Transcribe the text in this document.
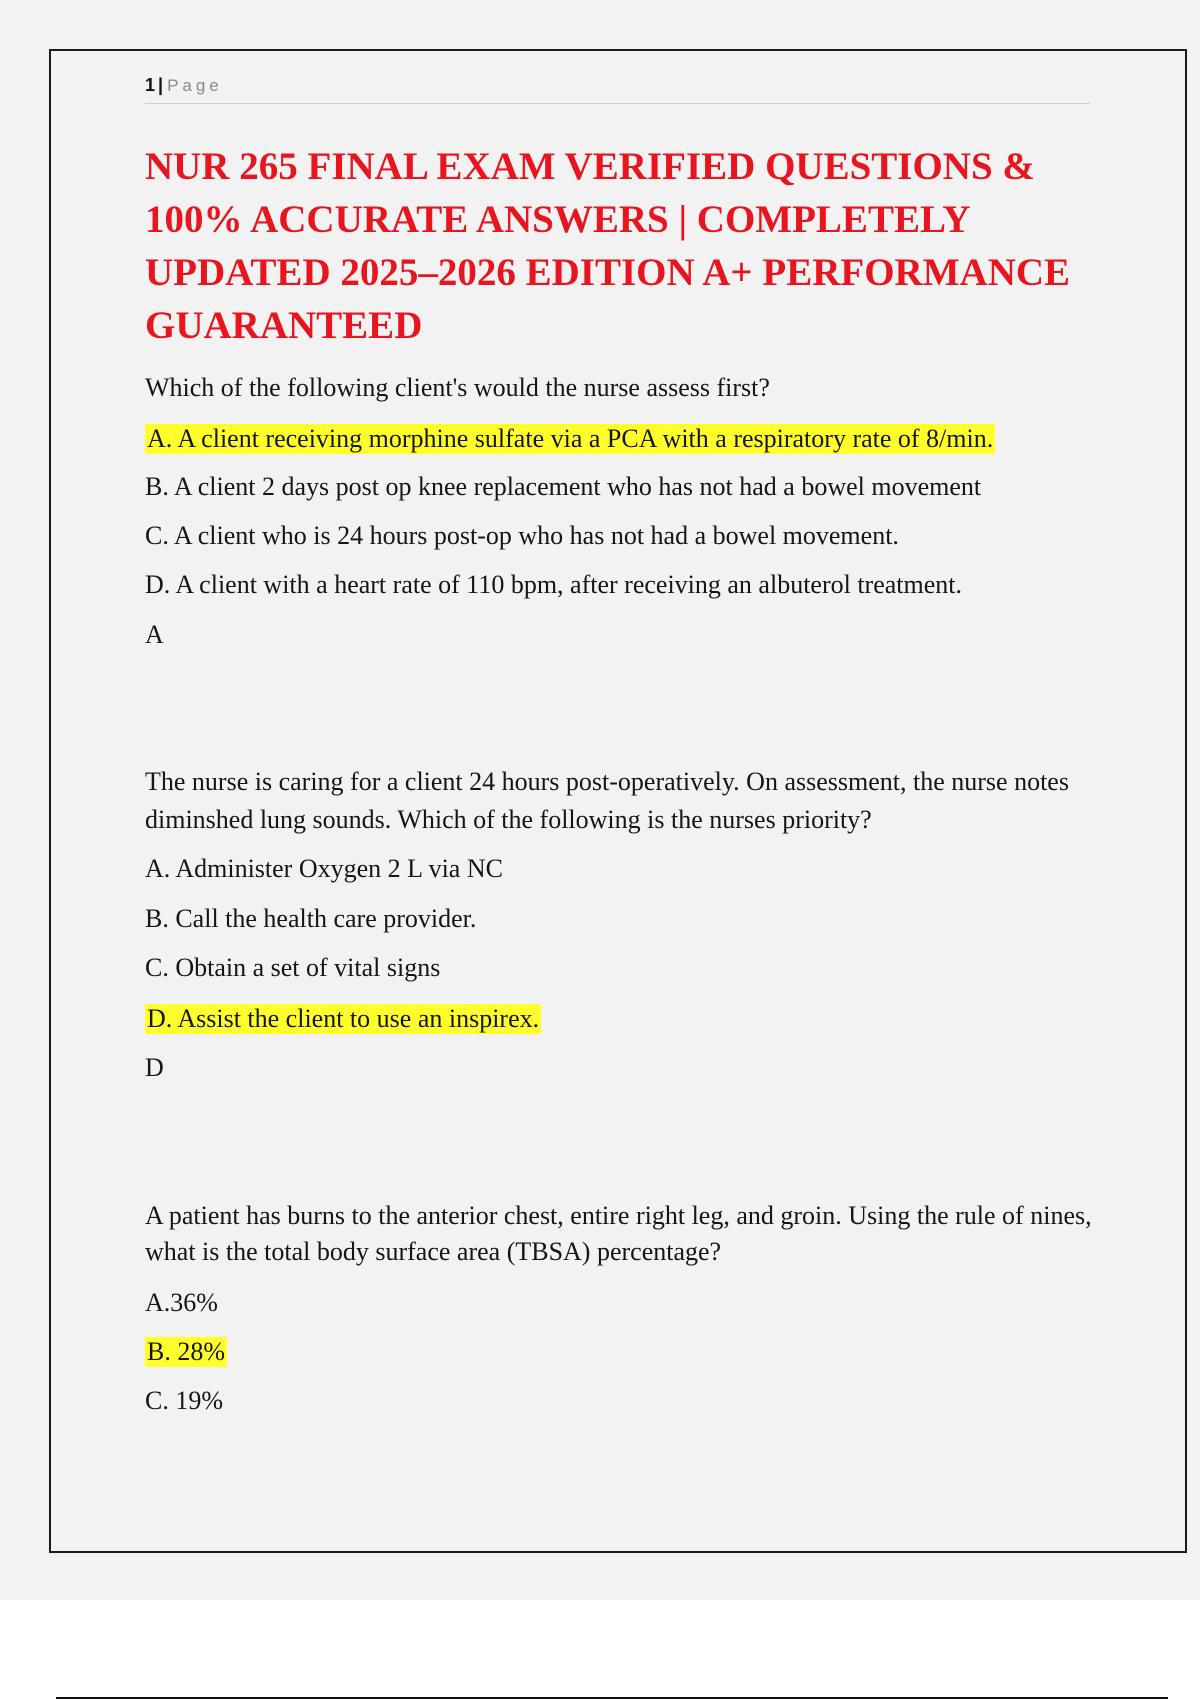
1 | Page
NUR 265 FINAL EXAM VERIFIED QUESTIONS & 100% ACCURATE ANSWERS | COMPLETELY UPDATED 2025–2026 EDITION A+ PERFORMANCE GUARANTEED

Which of the following client's would the nurse assess first?

A. A client receiving morphine sulfate via a PCA with a respiratory rate of 8/min.
B. A client 2 days post op knee replacement who has not had a bowel movement
C. A client who is 24 hours post-op who has not had a bowel movement.
D. A client with a heart rate of 110 bpm, after receiving an albuterol treatment.
A

The nurse is caring for a client 24 hours post-operatively. On assessment, the nurse notes diminshed lung sounds. Which of the following is the nurses priority?

A. Administer Oxygen 2 L via NC
B. Call the health care provider.
C. Obtain a set of vital signs
D. Assist the client to use an inspirex.
D

A patient has burns to the anterior chest, entire right leg, and groin. Using the rule of nines, what is the total body surface area (TBSA) percentage?

A.36%
B. 28%
C. 19%
